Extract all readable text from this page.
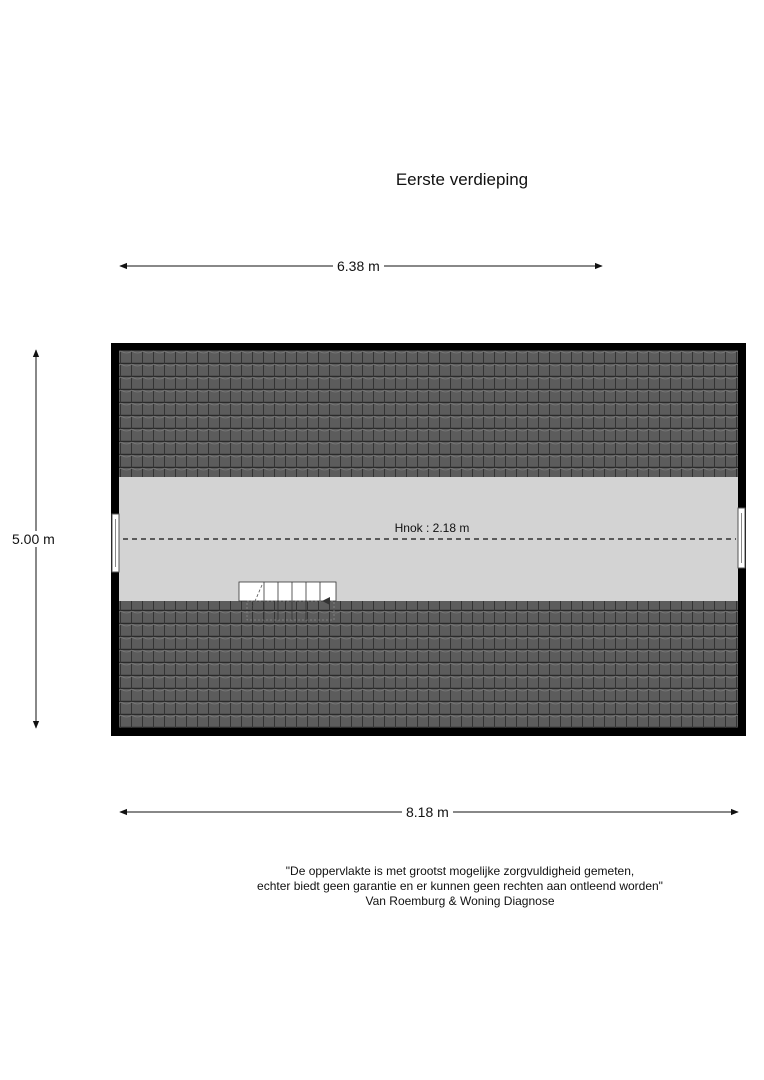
Eerste verdieping
Hnok : 2.18 m
6.38 m
5.00 m
8.18 m
"De oppervlakte is met grootst mogelijke zorgvuldigheid gemeten,
echter biedt geen garantie en er kunnen geen rechten aan ontleend worden"
Van Roemburg & Woning Diagnose
